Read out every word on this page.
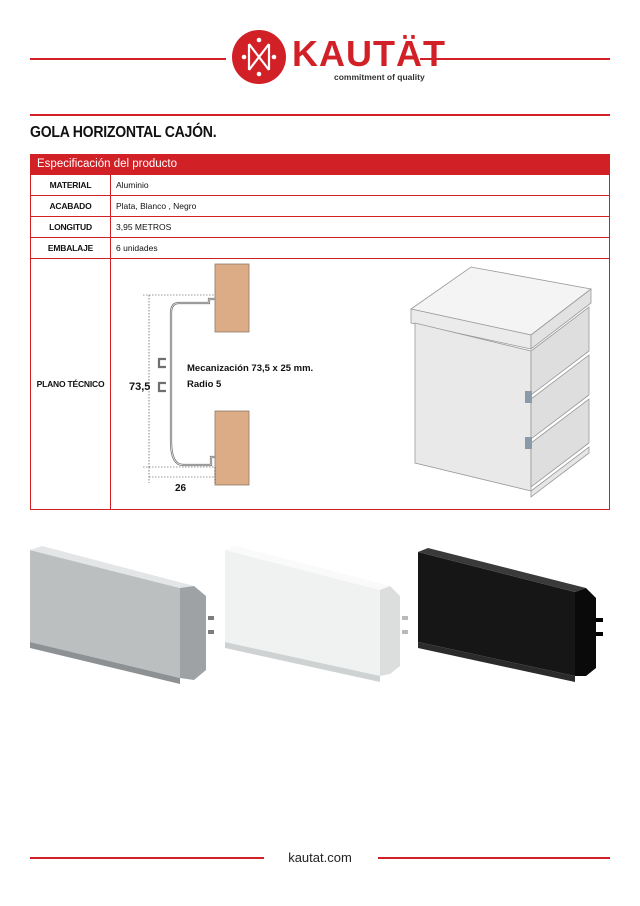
KAUTÄT
commitment of quality
GOLA HORIZONTAL CAJÓN.
Especificación del producto
MATERIAL	Aluminio
ACABADO	Plata, Blanco , Negro
LONGITUD	3,95 METROS
EMBALAJE	6 unidades
PLANO TÉCNICO	73,5
26
Mecanización 73,5 x 25 mm.
Radio 5
kautat.com
